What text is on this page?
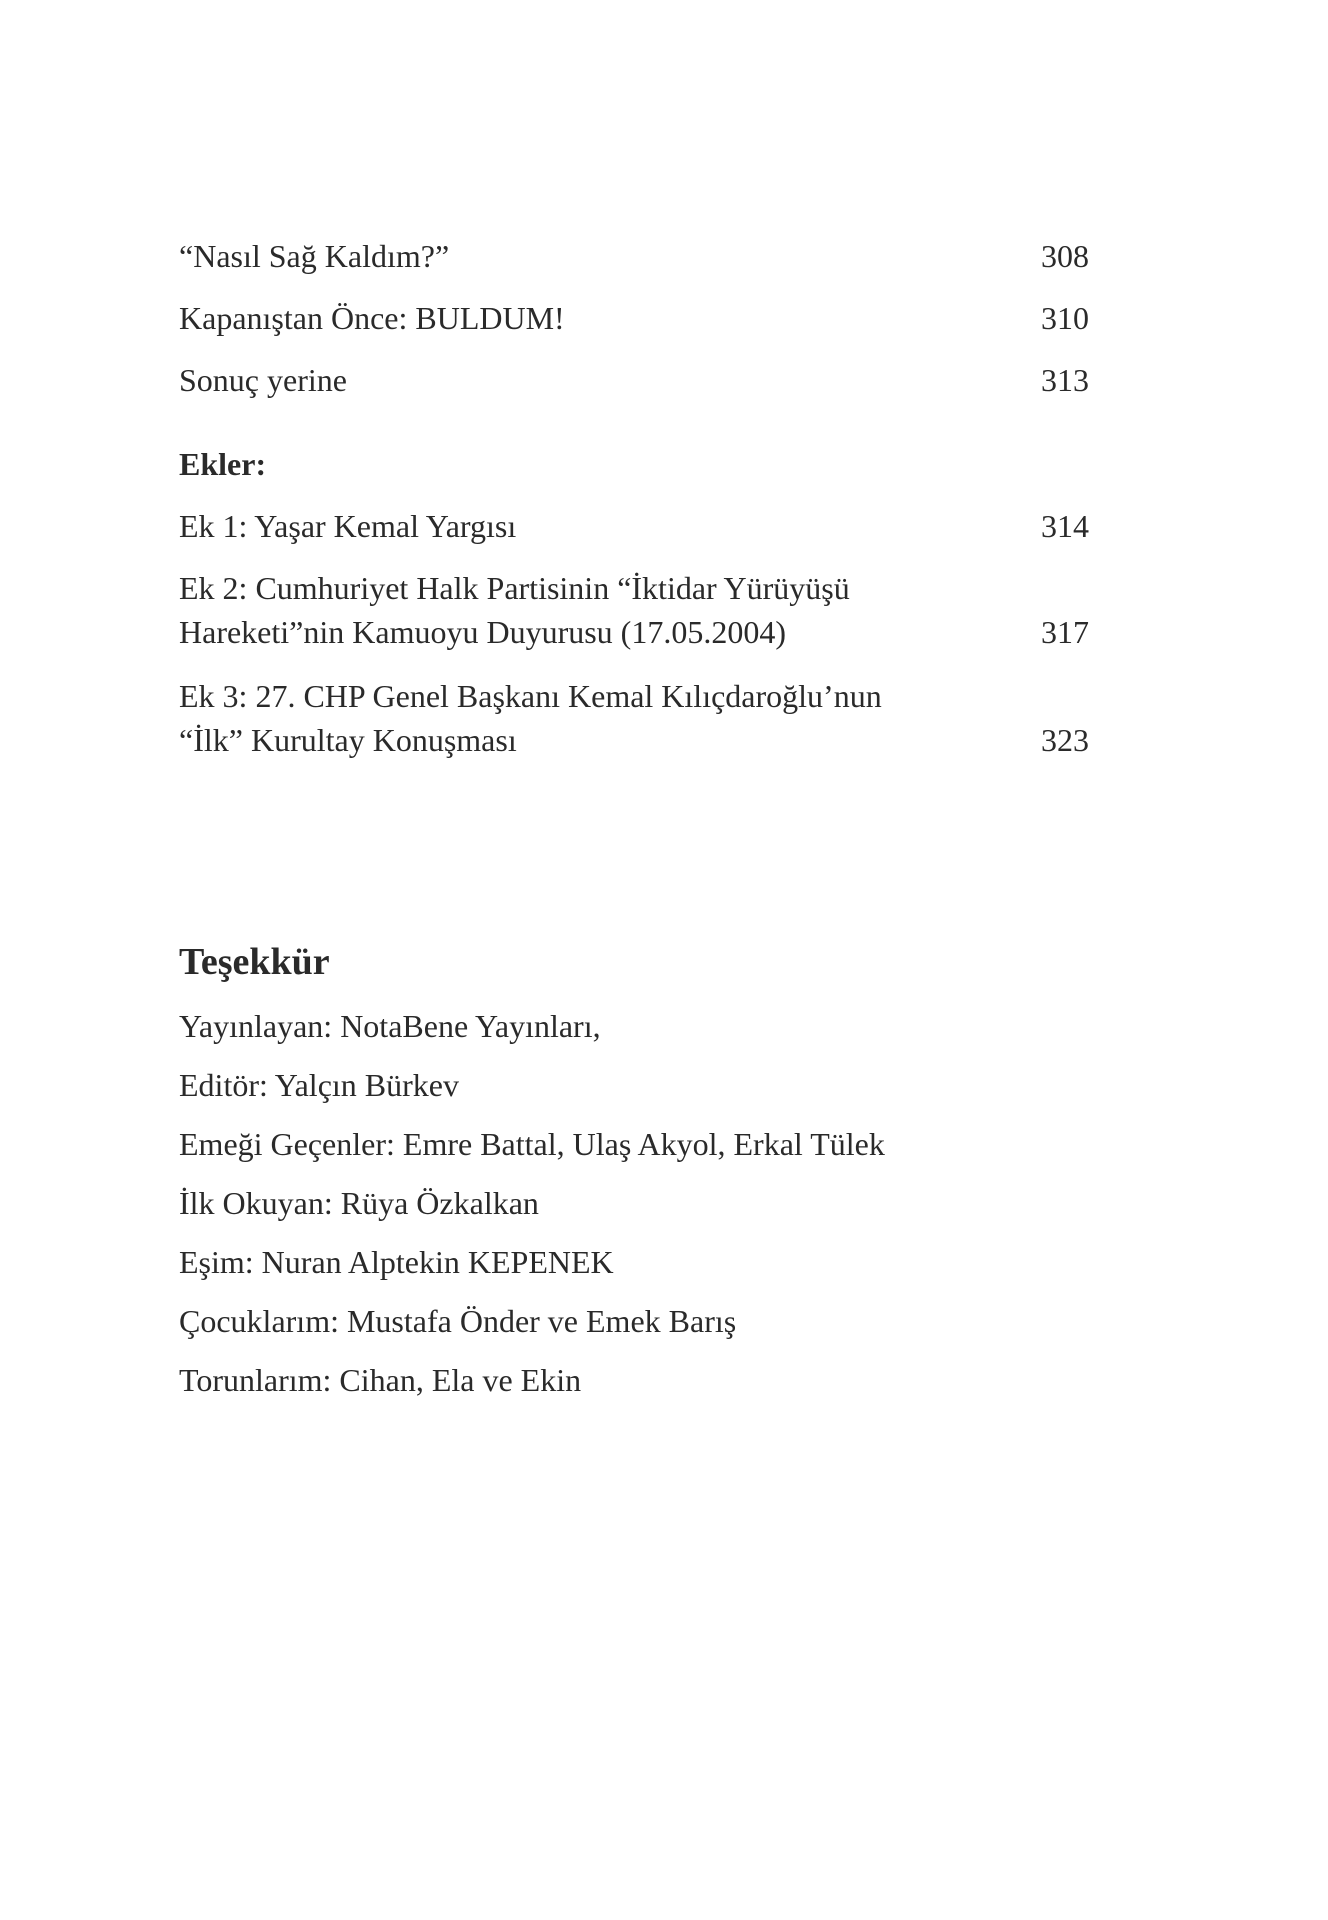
“Nasıl Sağ Kaldım?”	308
Kapanıştan Önce: BULDUM!	310
Sonuç yerine	313
Ekler:
Ek 1: Yaşar Kemal Yargısı	314
Ek 2: Cumhuriyet Halk Partisinin “İktidar Yürüyüşü
Hareketi”nin Kamuoyu Duyurusu (17.05.2004)	317
Ek 3: 27. CHP Genel Başkanı Kemal Kılıçdaroğlu’nun
“İlk” Kurultay Konuşması	323
Teşekkür
Yayınlayan: NotaBene Yayınları,
Editör: Yalçın Bürkev
Emeği Geçenler: Emre Battal, Ulaş Akyol, Erkal Tülek
İlk Okuyan: Rüya Özkalkan
Eşim: Nuran Alptekin KEPENEK
Çocuklarım: Mustafa Önder ve Emek Barış
Torunlarım: Cihan, Ela ve Ekin
